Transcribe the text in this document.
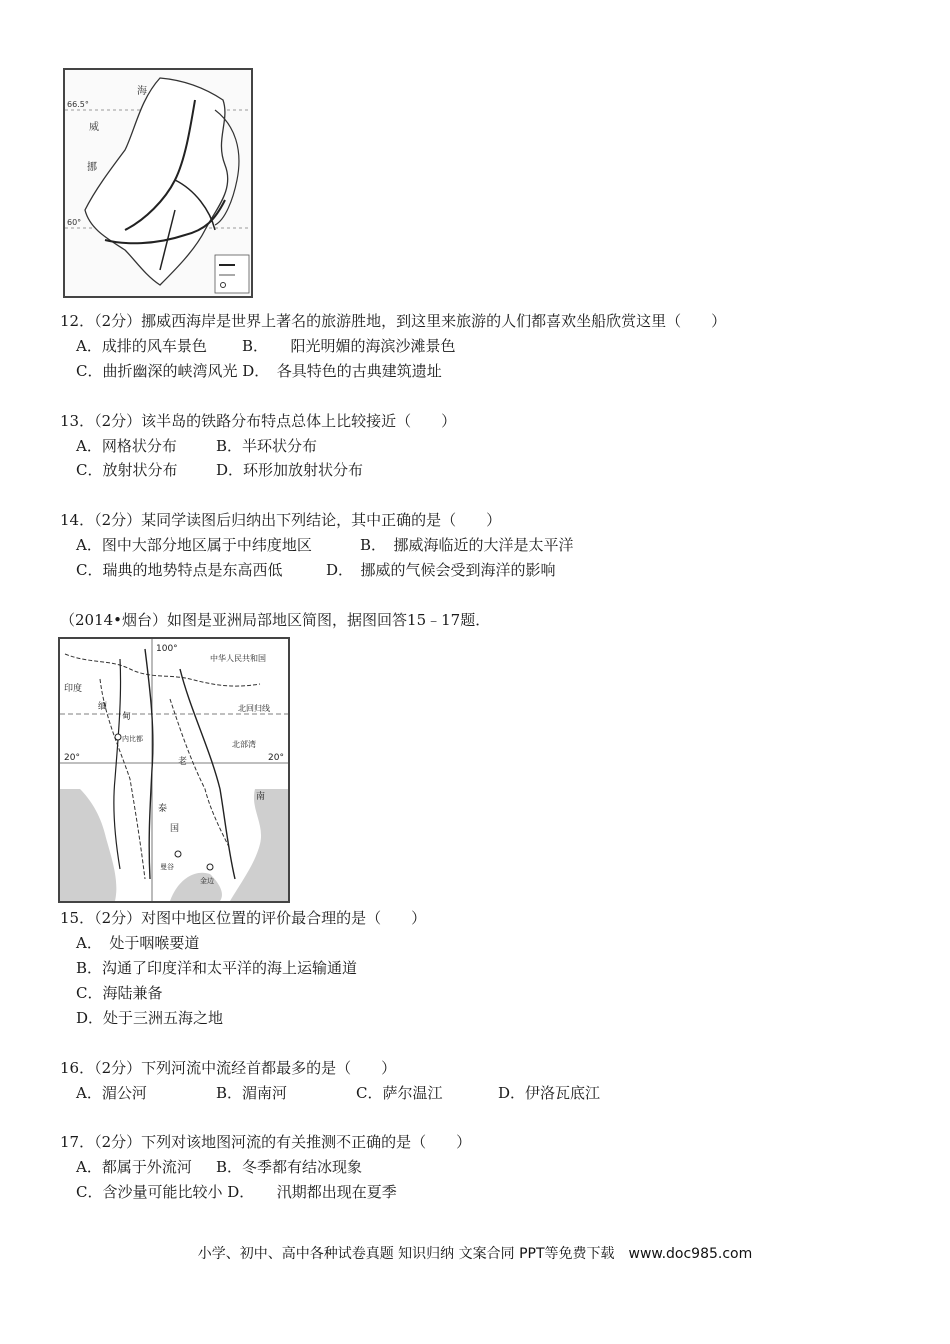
海
威
挪
66.5°
60°
12．（2分）挪威西海岸是世界上著名的旅游胜地，到这里来旅游的人们都喜欢坐船欣赏这里（　　）
A．成排的风车景色 B．　　阳光明媚的海滨沙滩景色
C．曲折幽深的峡湾风光 D．　各具特色的古典建筑遗址
13．（2分）该半岛的铁路分布特点总体上比较接近（　　）
A．网格状分布	B．半环状分布
C．放射状分布	D．环形加放射状分布
14．（2分）某同学读图后归纳出下列结论，其中正确的是（　　）
A．图中大部分地区属于中纬度地区	B．　挪威海临近的大洋是太平洋
C．瑞典的地势特点是东高西低	D．　挪威的气候会受到海洋的影响
（2014•烟台）如图是亚洲局部地区简图，据图回答15﹣17题．
100°
中华人民共和国
印度
北回归线
北部湾
20°	20°
内比都
曼谷
金边
缅
甸
老
泰
国
南
15．（2分）对图中地区位置的评价最合理的是（　　）
A．　处于咽喉要道
B．沟通了印度洋和太平洋的海上运输通道
C．海陆兼备
D．处于三洲五海之地
16．（2分）下列河流中流经首都最多的是（　　）
A．湄公河	B．湄南河	C．萨尔温江	D．伊洛瓦底江
17．（2分）下列对该地图河流的有关推测不正确的是（　　）
A．都属于外流河 B．冬季都有结冰现象
C．含沙量可能比较小 D．　　汛期都出现在夏季
小学、初中、高中各种试卷真题 知识归纳 文案合同 PPT等免费下载　www.doc985.com
